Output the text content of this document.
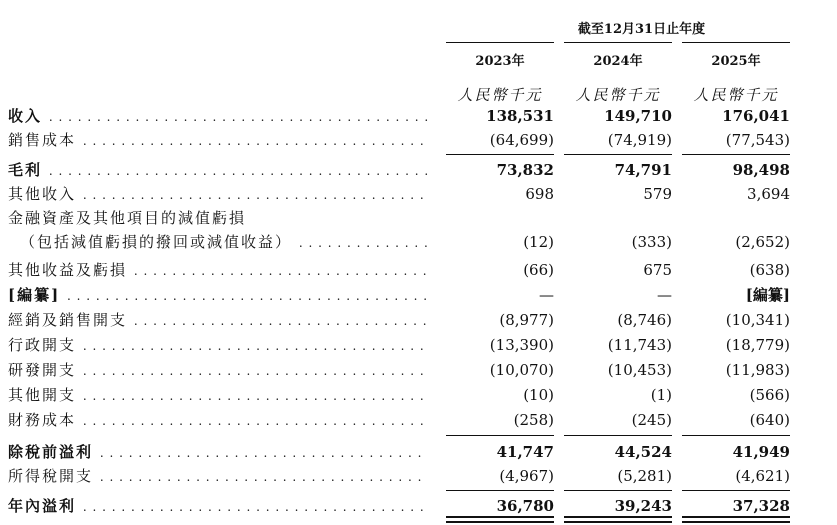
截至12月31日止年度
2023年	2024年	2025年
人民幣千元	人民幣千元	人民幣千元
收入 . . .	138,531	149,710	176,041
銷售成本 . . .	(64,699)	(74,919)	(77,543)
毛利 . . .	73,832	74,791	98,498
其他收入 . . .	698	579	3,694
金融資產及其他項目的減值虧損
（包括減值虧損的撥回或減值收益） . . .	(12)	(333)	(2,652)
其他收益及虧損 . . .	(66)	675	(638)
[編纂] . . .	—	—	[編纂]
經銷及銷售開支 . . .	(8,977)	(8,746)	(10,341)
行政開支 . . .	(13,390)	(11,743)	(18,779)
研發開支 . . .	(10,070)	(10,453)	(11,983)
其他開支 . . .	(10)	(1)	(566)
財務成本 . . .	(258)	(245)	(640)
除稅前溢利 . . .	41,747	44,524	41,949
所得稅開支 . . .	(4,967)	(5,281)	(4,621)
年內溢利 . . .	36,780	39,243	37,328
